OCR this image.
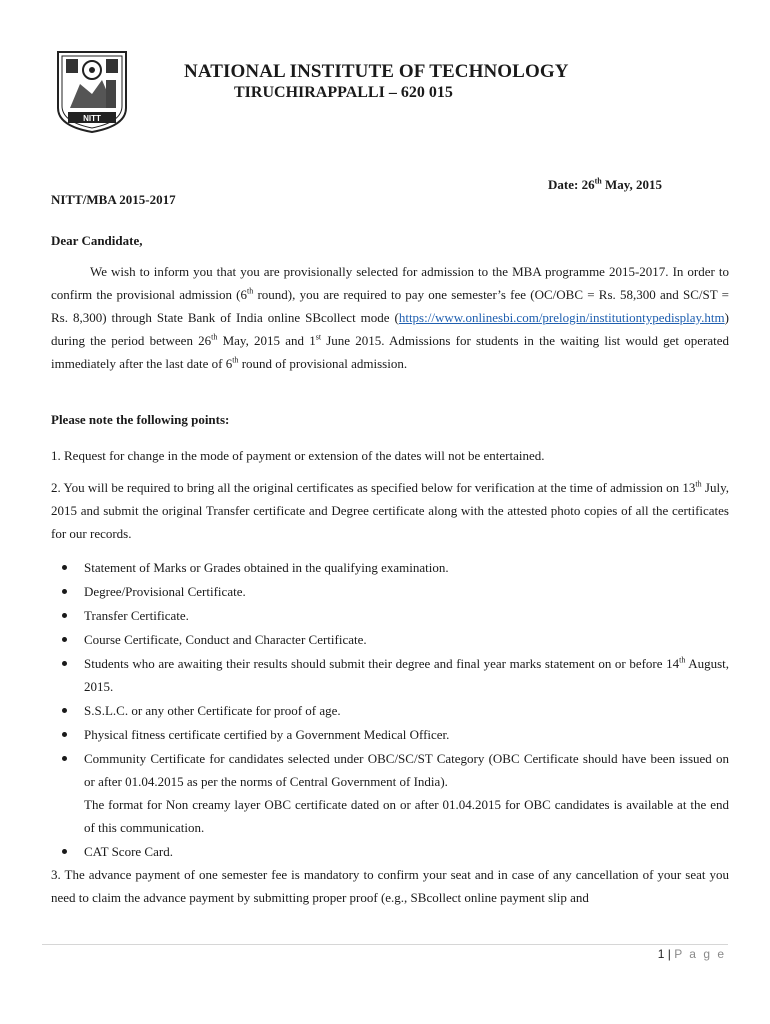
NITT
NATIONAL INSTITUTE OF TECHNOLOGY
TIRUCHIRAPPALLI – 620 015
Date: 26th May, 2015
NITT/MBA 2015-2017
Dear Candidate,

We wish to inform you that you are provisionally selected for admission to the MBA programme 2015-2017. In order to confirm the provisional admission (6th round), you are required to pay one semester’s fee (OC/OBC = Rs. 58,300 and SC/ST = Rs. 8,300) through State Bank of India online SBcollect mode (https://www.onlinesbi.com/prelogin/institutiontypedisplay.htm) during the period between 26th May, 2015 and 1st June 2015. Admissions for students in the waiting list would get operated immediately after the last date of 6th round of provisional admission.

Please note the following points:

1. Request for change in the mode of payment or extension of the dates will not be entertained.

2. You will be required to bring all the original certificates as specified below for verification at the time of admission on 13th July, 2015 and submit the original Transfer certificate and Degree certificate along with the attested photo copies of all the certificates for our records.

Statement of Marks or Grades obtained in the qualifying examination.
Degree/Provisional Certificate.
Transfer Certificate.
Course Certificate, Conduct and Character Certificate.
Students who are awaiting their results should submit their degree and final year marks statement on or before 14th August, 2015.
S.S.L.C. or any other Certificate for proof of age.
Physical fitness certificate certified by a Government Medical Officer.
Community Certificate for candidates selected under OBC/SC/ST Category (OBC Certificate should have been issued on or after 01.04.2015 as per the norms of Central Government of India).
The format for Non creamy layer OBC certificate dated on or after 01.04.2015 for OBC candidates is available at the end of this communication.
CAT Score Card.

3. The advance payment of one semester fee is mandatory to confirm your seat and in case of any cancellation of your seat you need to claim the advance payment by submitting proper proof (e.g., SBcollect online payment slip and

1 | P a g e
